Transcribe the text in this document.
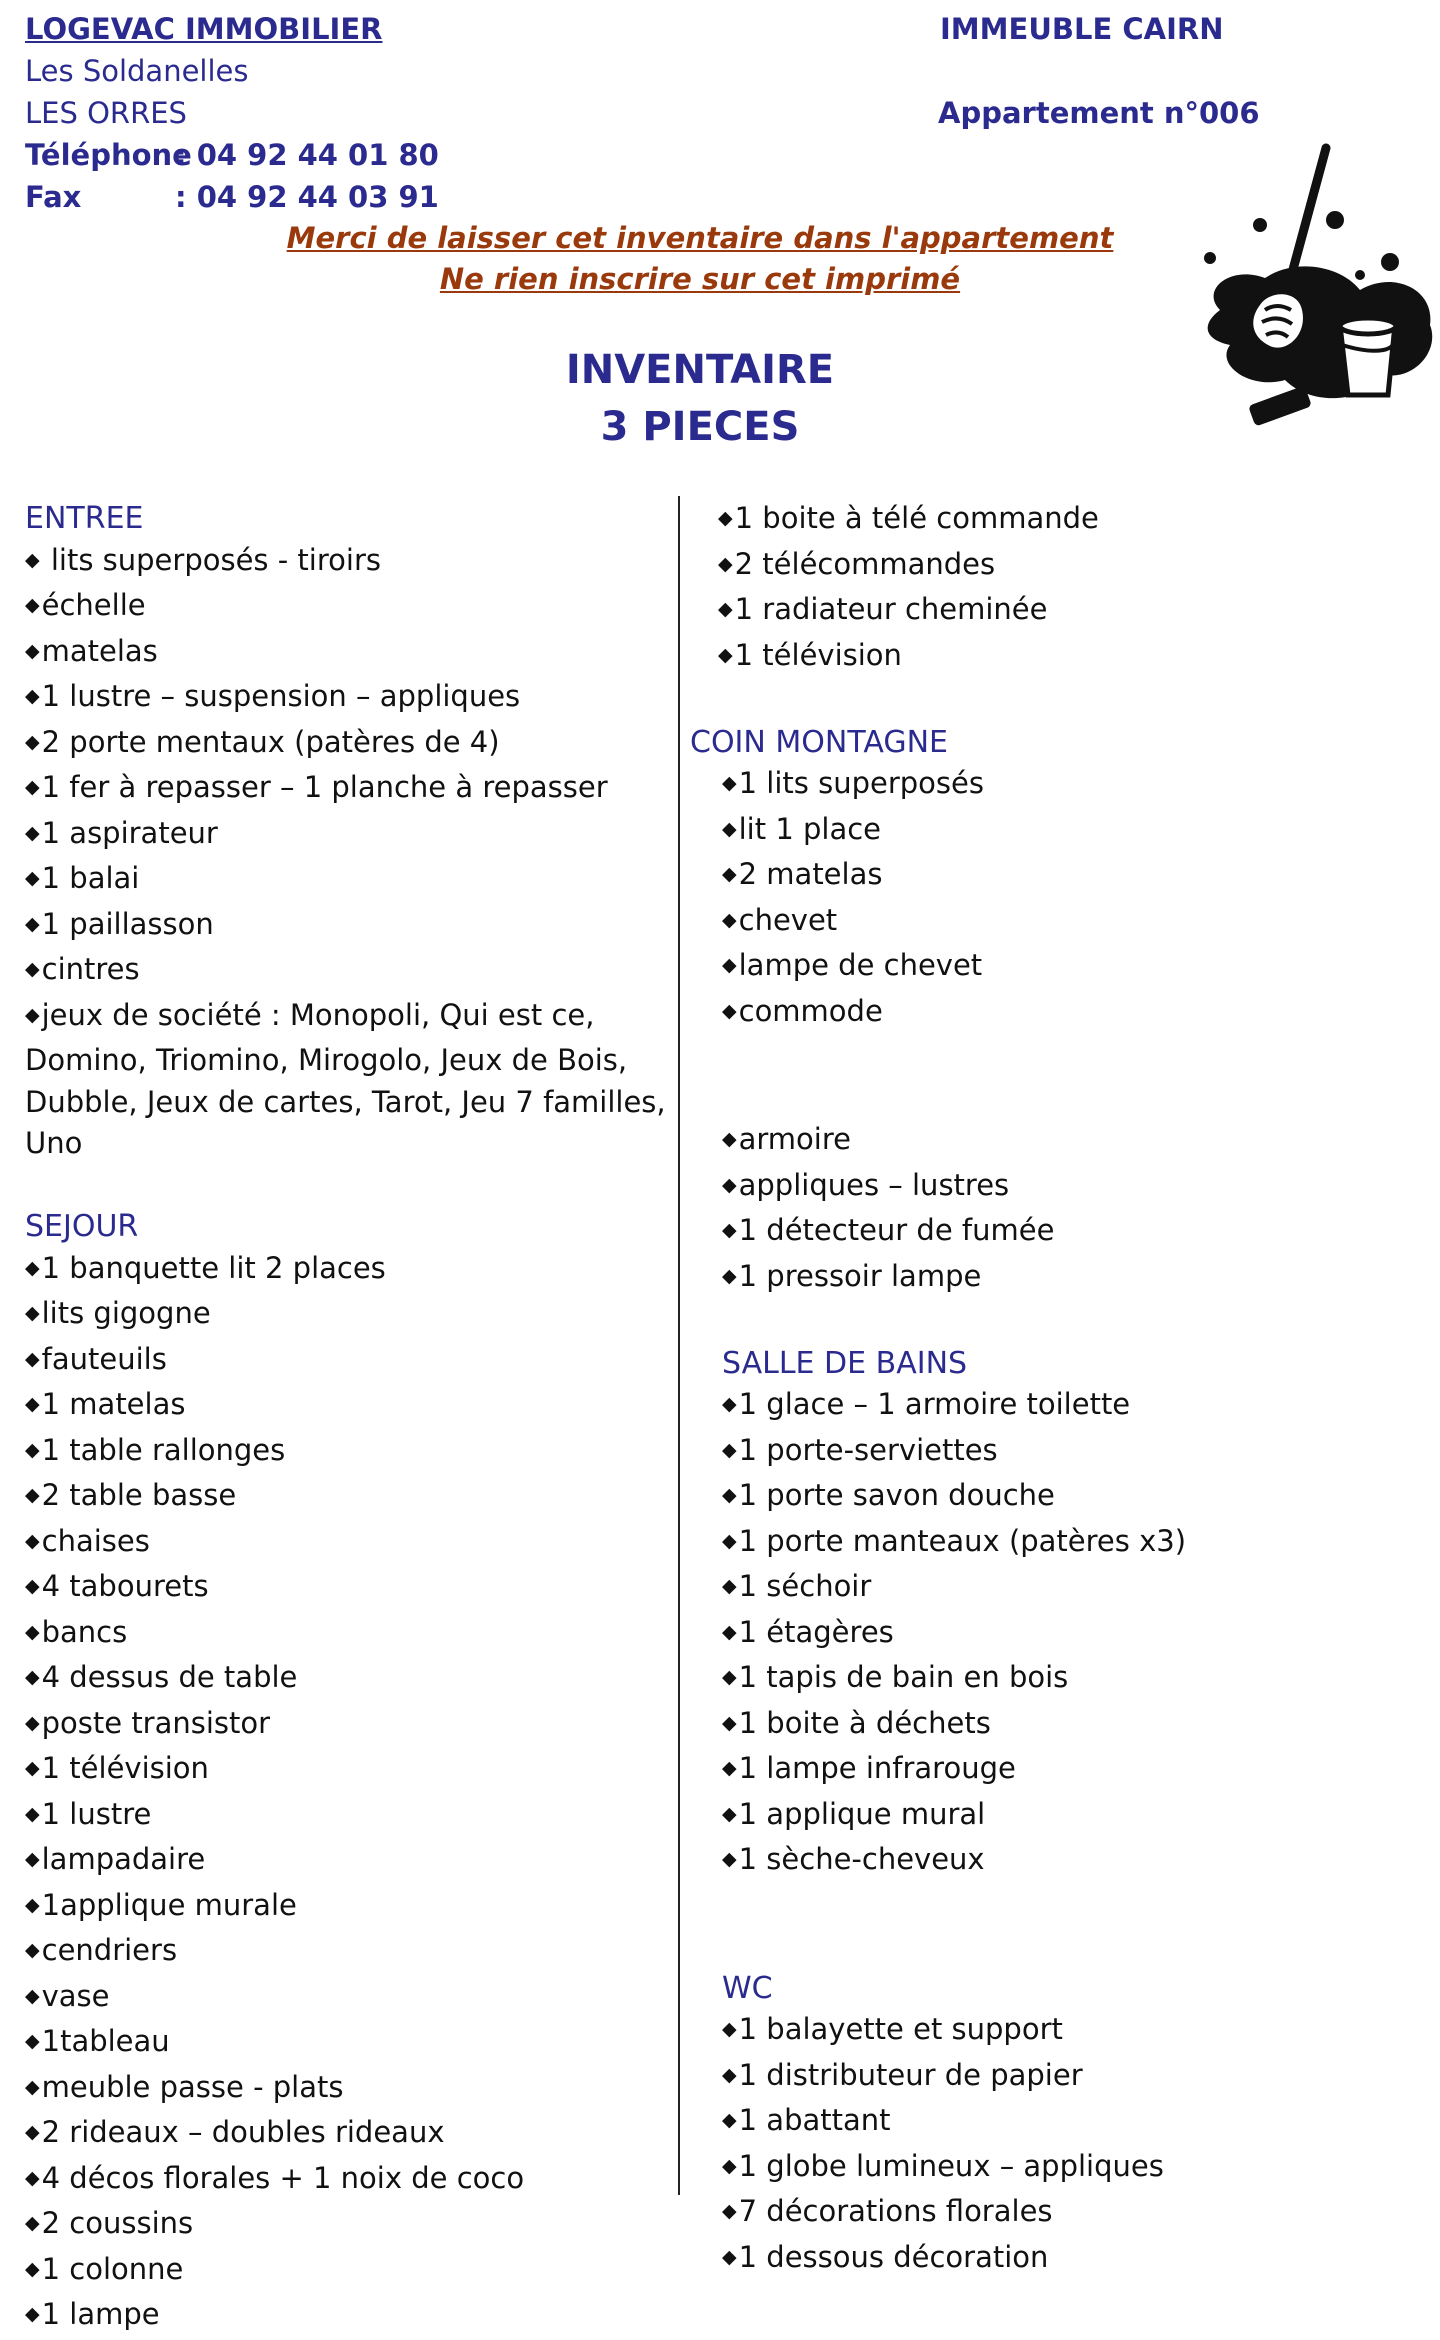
LOGEVAC IMMOBILIER
Les Soldanelles
LES ORRES
Téléphone
: 04 92 44 01 80
Fax	: 04 92 44 03 91
IMMEUBLE CAIRN
Appartement n°006
Merci de laisser cet inventaire dans l'appartement
Ne rien inscrire sur cet imprimé
INVENTAIRE
3 PIECES
ENTREE
◆ lits superposés - tiroirs
◆échelle
◆matelas
◆1 lustre – suspension – appliques
◆2 porte mentaux (patères de 4)
◆1 fer à repasser – 1 planche à repasser
◆1 aspirateur
◆1 balai
◆1 paillasson
◆cintres
◆jeux de société : Monopoli, Qui est ce, Domino, Triomino, Mirogolo, Jeux de Bois, Dubble, Jeux de cartes, Tarot, Jeu 7 familles, Uno
SEJOUR
◆1 banquette lit 2 places
◆lits gigogne
◆fauteuils
◆1 matelas
◆1 table rallonges
◆2 table basse
◆chaises
◆4 tabourets
◆bancs
◆4 dessus de table
◆poste transistor
◆1 télévision
◆1 lustre
◆lampadaire
◆1applique murale
◆cendriers
◆vase
◆1tableau
◆meuble passe - plats
◆2 rideaux – doubles rideaux
◆4 décos florales + 1 noix de coco
◆2 coussins
◆1 colonne
◆1 lampe
◆1 boite à télé commande
◆2 télécommandes
◆1 radiateur cheminée
◆1 télévision
COIN MONTAGNE
◆1 lits superposés
◆lit 1 place
◆2 matelas
◆chevet
◆lampe de chevet
◆commode
◆armoire
◆appliques – lustres
◆1 détecteur de fumée
◆1 pressoir lampe
SALLE DE BAINS
◆1 glace – 1 armoire toilette
◆1 porte-serviettes
◆1 porte savon douche
◆1 porte manteaux (patères x3)
◆1 séchoir
◆1 étagères
◆1 tapis de bain en bois
◆1 boite à déchets
◆1 lampe infrarouge
◆1 applique mural
◆1 sèche-cheveux
WC
◆1 balayette et support
◆1 distributeur de papier
◆1 abattant
◆1 globe lumineux – appliques
◆7 décorations florales
◆1 dessous décoration
